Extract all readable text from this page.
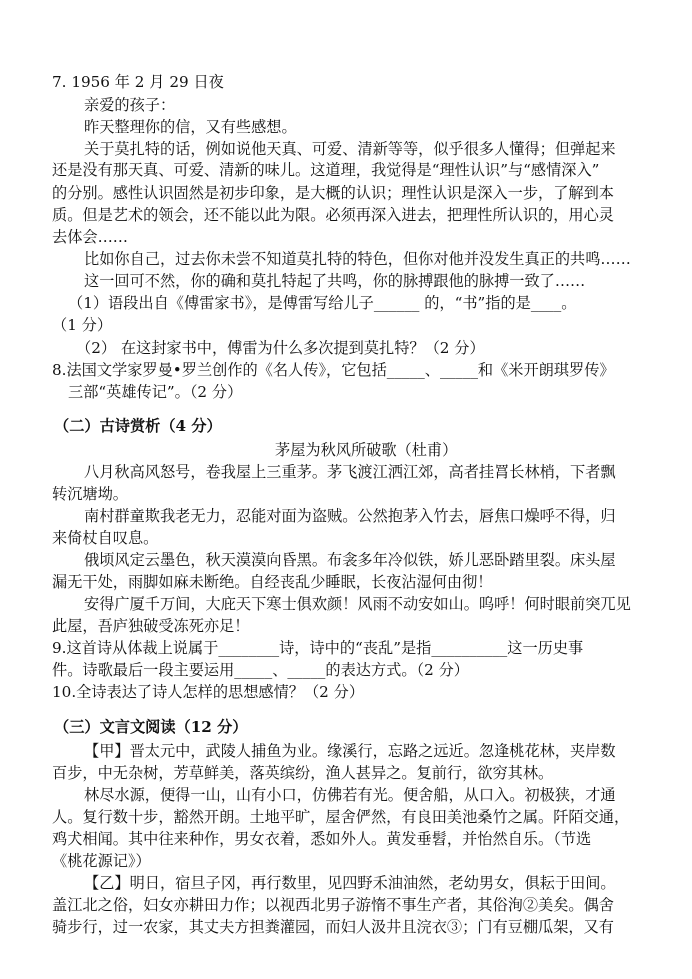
7. 1956 年 2 月 29 日夜
亲爱的孩子：
昨天整理你的信，又有些感想。
关于莫扎特的话，例如说他天真、可爱、清新等等，似乎很多人懂得；但弹起来
还是没有那天真、可爱、清新的味儿。这道理，我觉得是“理性认识”与“感情深入”
的分别。感性认识固然是初步印象，是大概的认识；理性认识是深入一步，了解到本
质。但是艺术的领会，还不能以此为限。必须再深入进去，把理性所认识的，用心灵
去体会……
比如你自己，过去你未尝不知道莫扎特的特色，但你对他并没发生真正的共鸣……
这一回可不然，你的确和莫扎特起了共鸣，你的脉搏跟他的脉搏一致了……
（1）语段出自《傅雷家书》，是傅雷写给儿子______ 的，“书”指的是____。
（1 分）
（2） 在这封家书中，傅雷为什么多次提到莫扎特？（2 分）
8.法国文学家罗曼•罗兰创作的《名人传》，它包括_____、_____和《米开朗琪罗传》
三部“英雄传记”。（2 分）
（二）古诗赏析（4 分）
茅屋为秋风所破歌（杜甫）
八月秋高风怒号，卷我屋上三重茅。茅飞渡江洒江郊，高者挂罥长林梢，下者飘
转沉塘坳。
南村群童欺我老无力，忍能对面为盗贼。公然抱茅入竹去，唇焦口燥呼不得，归
来倚杖自叹息。
俄顷风定云墨色，秋天漠漠向昏黑。布衾多年冷似铁，娇儿恶卧踏里裂。床头屋
漏无干处，雨脚如麻未断绝。自经丧乱少睡眠，长夜沾湿何由彻！
安得广厦千万间，大庇天下寒士俱欢颜！风雨不动安如山。呜呼！何时眼前突兀见
此屋，吾庐独破受冻死亦足！
9.这首诗从体裁上说属于________诗，诗中的“丧乱”是指__________这一历史事
件。诗歌最后一段主要运用_____、_____的表达方式。（2 分）
10.全诗表达了诗人怎样的思想感情？（2 分）
（三）文言文阅读（12 分）
【甲】晋太元中，武陵人捕鱼为业。缘溪行，忘路之远近。忽逢桃花林，夹岸数
百步，中无杂树，芳草鲜美，落英缤纷，渔人甚异之。复前行，欲穷其林。
林尽水源，便得一山，山有小口，仿佛若有光。便舍船，从口入。初极狭，才通
人。复行数十步，豁然开朗。土地平旷，屋舍俨然，有良田美池桑竹之属。阡陌交通，
鸡犬相闻。其中往来种作，男女衣着，悉如外人。黄发垂髫，并怡然自乐。（节选
《桃花源记》）
【乙】明日，宿旦子冈，再行数里，见四野禾油油然，老幼男女，俱耘于田间。
盖江北之俗，妇女亦耕田力作；以视西北男子游惰不事生产者，其俗洵②美矣。偶舍
骑步行，过一农家，其丈夫方担粪灌园，而妇人汲井且浣衣③；门有豆棚瓜架，又有
